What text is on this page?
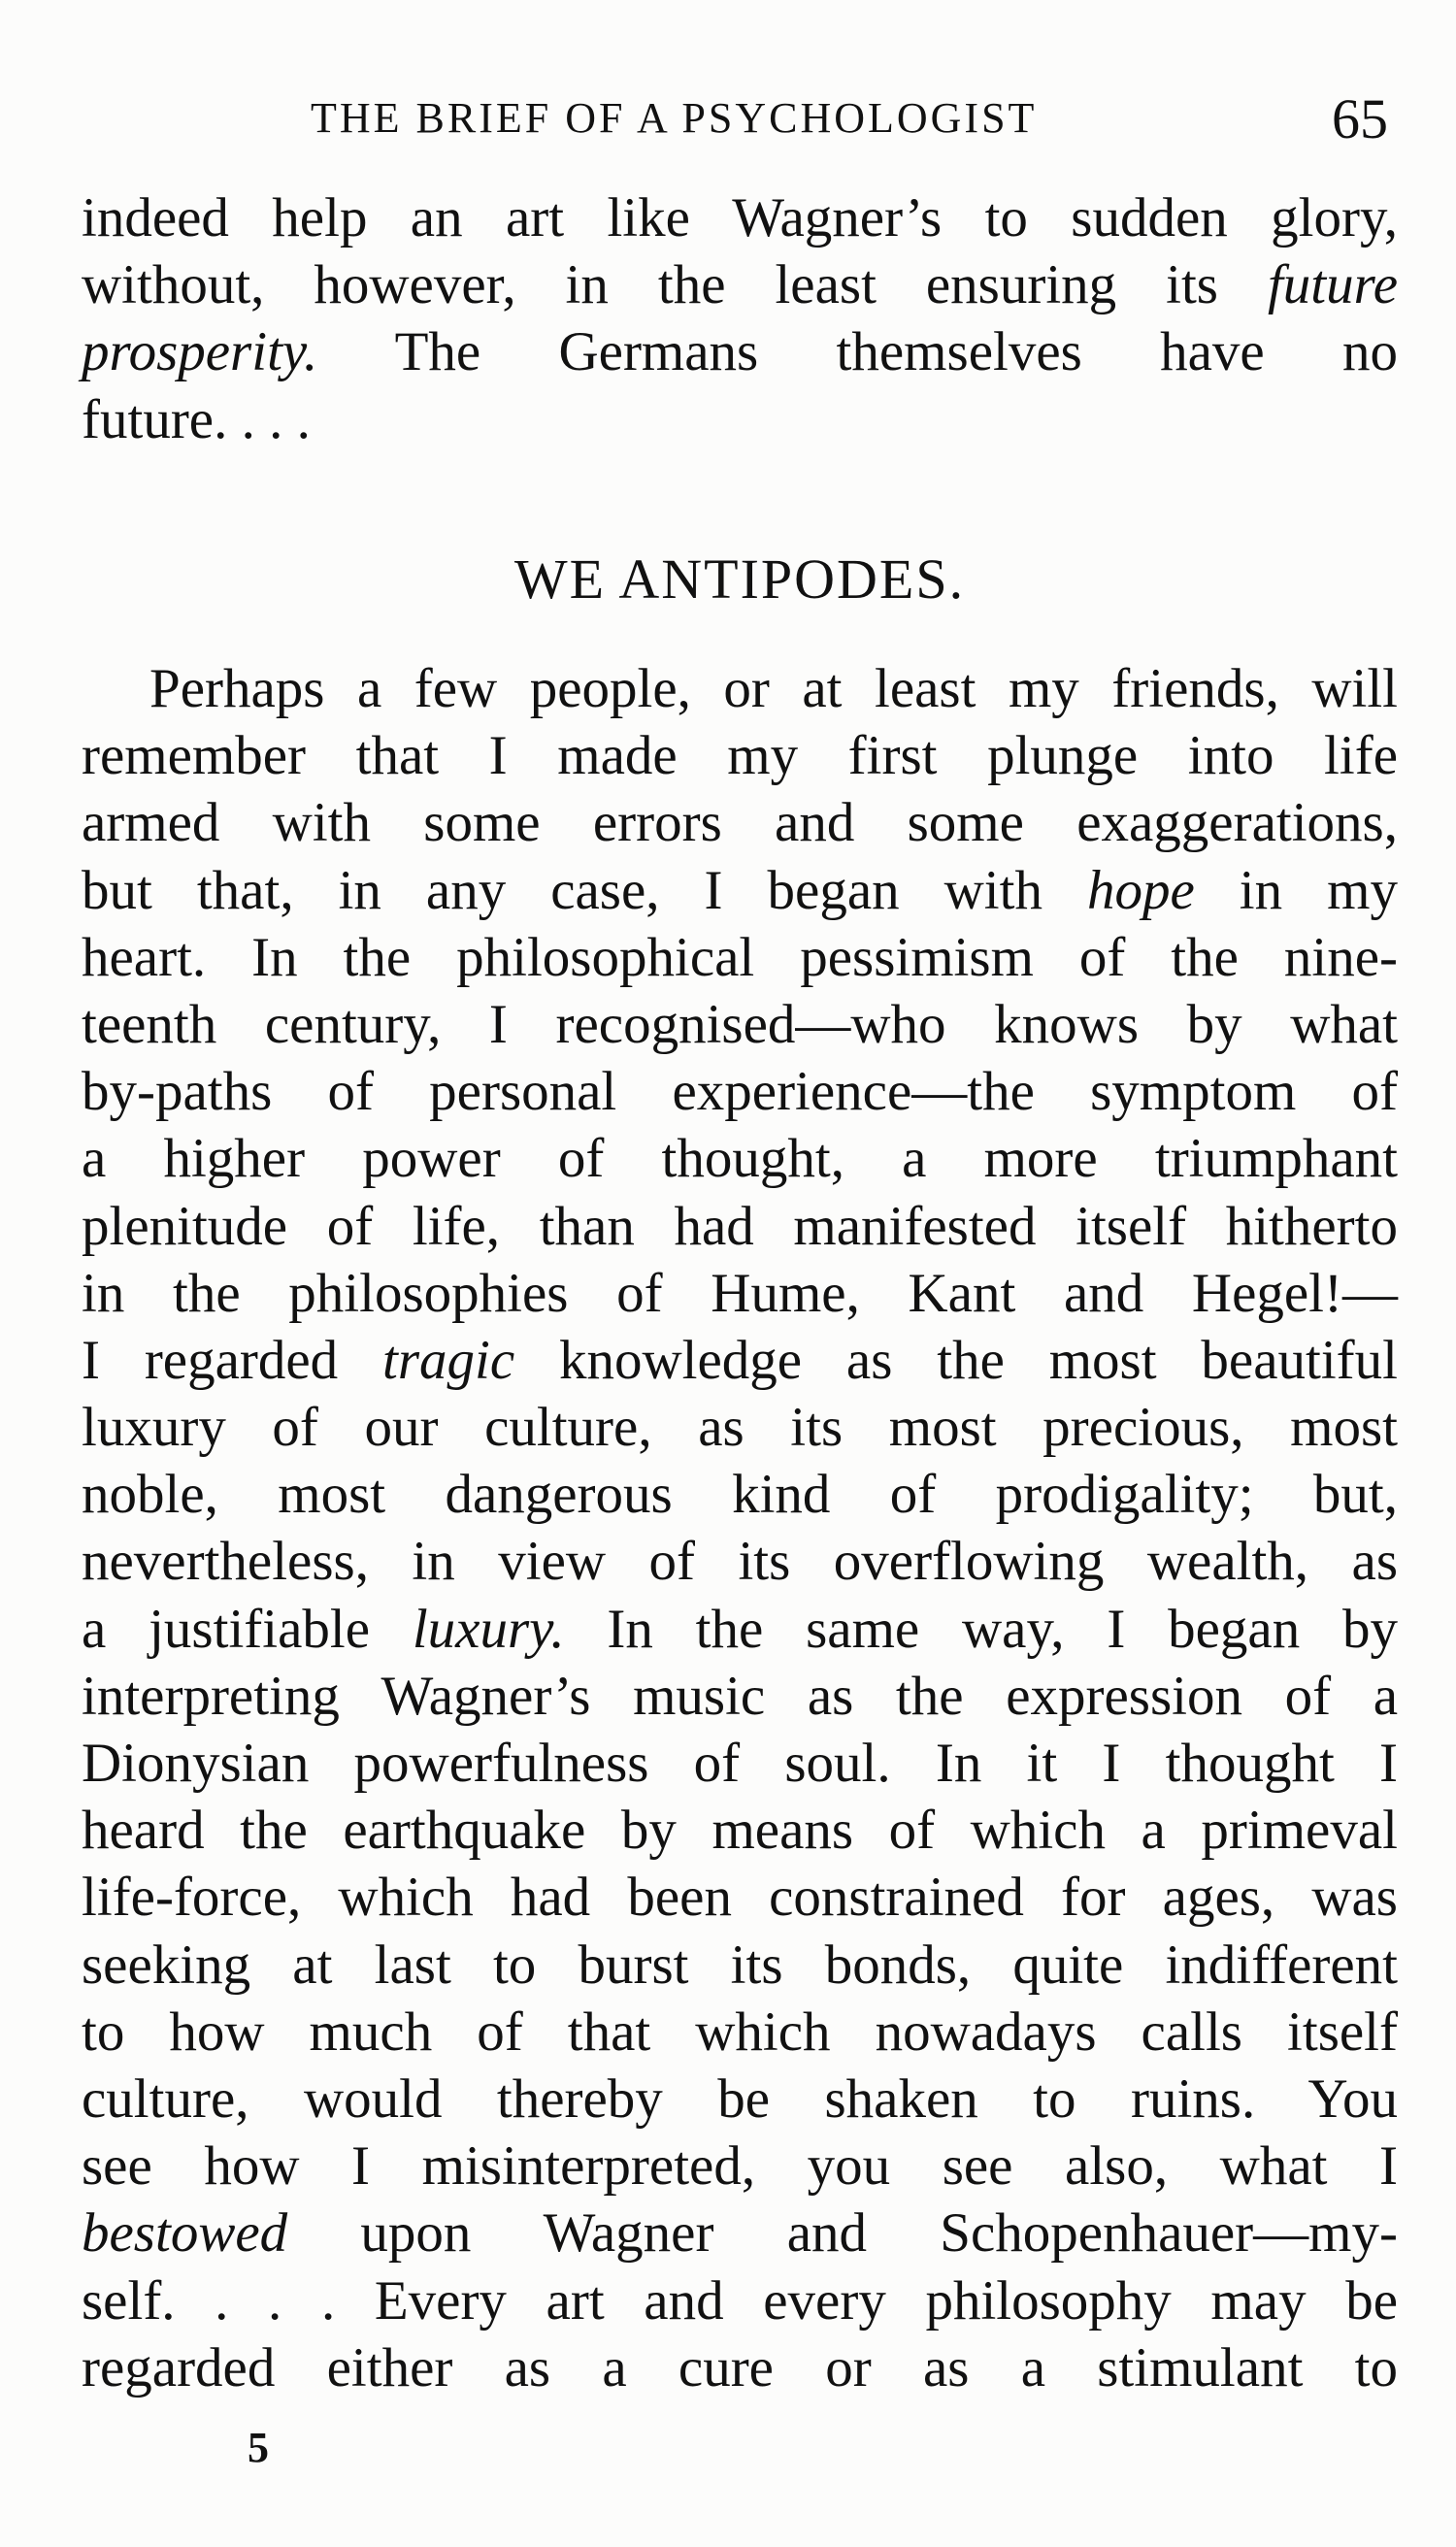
THE BRIEF OF A PSYCHOLOGIST	65
indeed help an art like Wagner’s to sudden glory,
without, however, in the least ensuring its future
prosperity. The Germans themselves have no
future. . . .
WE ANTIPODES.
Perhaps a few people, or at least my friends, will
remember that I made my first plunge into life
armed with some errors and some exaggerations,
but that, in any case, I began with hope in my
heart. In the philosophical pessimism of the nine-
teenth century, I recognised—who knows by what
by-paths of personal experience—the symptom of
a higher power of thought, a more triumphant
plenitude of life, than had manifested itself hitherto
in the philosophies of Hume, Kant and Hegel!—
I regarded tragic knowledge as the most beautiful
luxury of our culture, as its most precious, most
noble, most dangerous kind of prodigality; but,
nevertheless, in view of its overflowing wealth, as
a justifiable luxury. In the same way, I began by
interpreting Wagner’s music as the expression of a
Dionysian powerfulness of soul. In it I thought I
heard the earthquake by means of which a primeval
life-force, which had been constrained for ages, was
seeking at last to burst its bonds, quite indifferent
to how much of that which nowadays calls itself
culture, would thereby be shaken to ruins. You
see how I misinterpreted, you see also, what I
bestowed upon Wagner and Schopenhauer—my-
self. . . . Every art and every philosophy may be
regarded either as a cure or as a stimulant to
5
